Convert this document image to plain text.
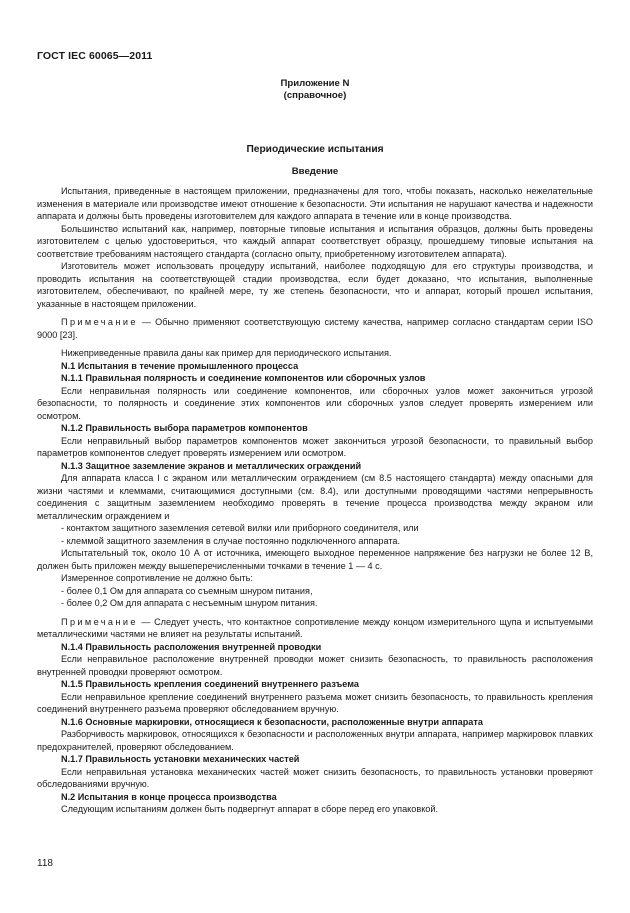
ГОСТ IEC 60065—2011
Приложение N
(справочное)
Периодические испытания
Введение

Испытания, приведенные в настоящем приложении, предназначены для того, чтобы показать, насколько нежелательные изменения в материале или производстве имеют отношение к безопасности. Эти испытания не нарушают качества и надежности аппарата и должны быть проведены изготовителем для каждого аппарата в течение или в конце производства.

Большинство испытаний как, например, повторные типовые испытания и испытания образцов, должны быть проведены изготовителем с целью удостовериться, что каждый аппарат соответствует образцу, прошедшему типовые испытания на соответствие требованиям настоящего стандарта (согласно опыту, приобретенному изготовителем аппарата).

Изготовитель может использовать процедуру испытаний, наиболее подходящую для его структуры производства, и проводить испытания на соответствующей стадии производства, если будет доказано, что испытания, выполненные изготовителем, обеспечивают, по крайней мере, ту же степень безопасности, что и аппарат, который прошел испытания, указанные в настоящем приложении.

Примечание — Обычно применяют соответствующую систему качества, например согласно стандартам серии ISO 9000 [23].

Нижеприведенные правила даны как пример для периодического испытания.

N.1 Испытания в течение промышленного процесса

N.1.1 Правильная полярность и соединение компонентов или сборочных узлов

Если неправильная полярность или соединение компонентов, или сборочных узлов может закончиться угрозой безопасности, то полярность и соединение этих компонентов или сборочных узлов следует проверять измерением или осмотром.

N.1.2 Правильность выбора параметров компонентов

Если неправильный выбор параметров компонентов может закончиться угрозой безопасности, то правильный выбор параметров компонентов следует проверять измерением или осмотром.

N.1.3 Защитное заземление экранов и металлических ограждений

Для аппарата класса I с экраном или металлическим ограждением (см 8.5 настоящего стандарта) между опасными для жизни частями и клеммами, считающимися доступными (см. 8.4), или доступными проводящими частями непрерывность соединения с защитным заземлением необходимо проверять в течение процесса производства между экраном или металлическим ограждением и

- контактом защитного заземления сетевой вилки или приборного соединителя, или

- клеммой защитного заземления в случае постоянно подключенного аппарата.

Испытательный ток, около 10 А от источника, имеющего выходное переменное напряжение без нагрузки не более 12 В, должен быть приложен между вышеперечисленными точками в течение 1 — 4 с.

Измеренное сопротивление не должно быть:

- более 0,1 Ом для аппарата со съемным шнуром питания,

- более 0,2 Ом для аппарата с несъемным шнуром питания.

Примечание — Следует учесть, что контактное сопротивление между концом измерительного щупа и испытуемыми металлическими частями не влияет на результаты испытаний.

N.1.4 Правильность расположения внутренней проводки

Если неправильное расположение внутренней проводки может снизить безопасность, то правильность расположения внутренней проводки проверяют осмотром.

N.1.5 Правильность крепления соединений внутреннего разъема

Если неправильное крепление соединений внутреннего разъема может снизить безопасность, то правильность крепления соединений внутреннего разъема проверяют обследованием вручную.

N.1.6 Основные маркировки, относящиеся к безопасности, расположенные внутри аппарата

Разборчивость маркировок, относящихся к безопасности и расположенных внутри аппарата, например маркировок плавких предохранителей, проверяют обследованием.

N.1.7 Правильность установки механических частей

Если неправильная установка механических частей может снизить безопасность, то правильность установки проверяют обследованиями вручную.

N.2 Испытания в конце процесса производства

Следующим испытаниям должен быть подвергнут аппарат в сборе перед его упаковкой.

118
